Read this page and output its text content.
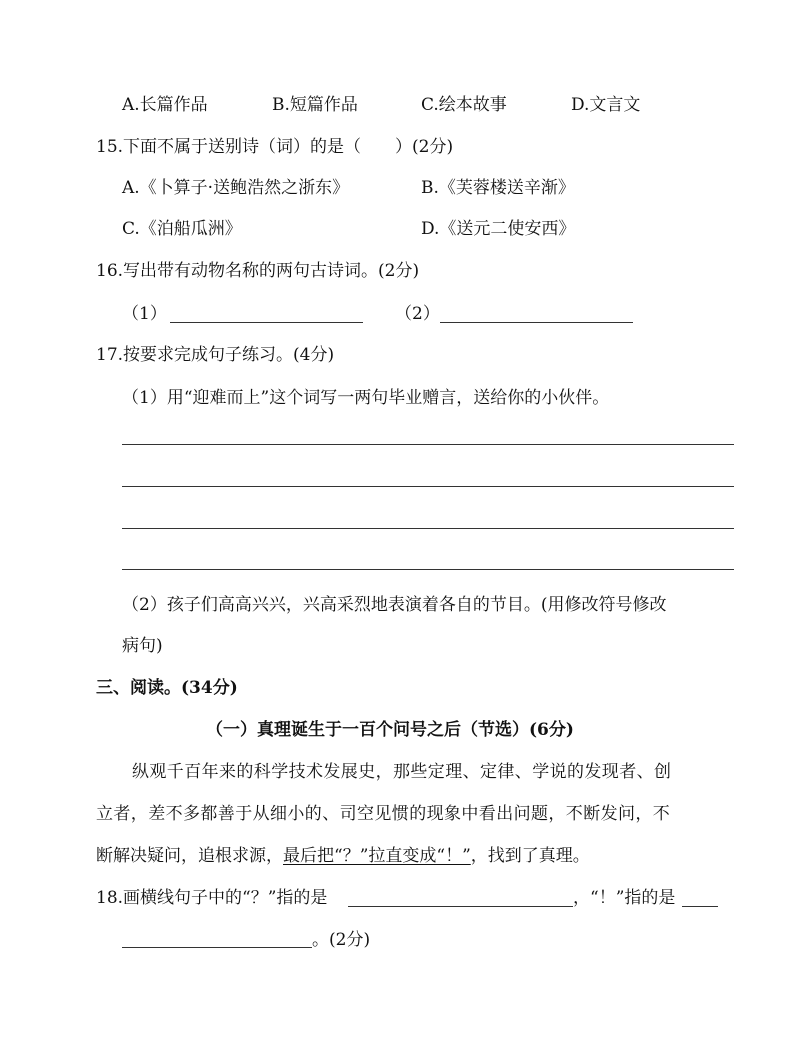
A.长篇作品	B.短篇作品	C.绘本故事	D.文言文
15.下面不属于送别诗（词）的是（　　）(2分)
A.《卜算子·送鲍浩然之浙东》	B.《芙蓉楼送辛渐》
C.《泊船瓜洲》	D.《送元二使安西》
16.写出带有动物名称的两句古诗词。(2分)
（1）	（2）
17.按要求完成句子练习。(4分)
（1）用“迎难而上”这个词写一两句毕业赠言，送给你的小伙伴。
（2）孩子们高高兴兴，兴高采烈地表演着各自的节目。(用修改符号修改
病句)
三、阅读。(34分)
（一）真理诞生于一百个问号之后（节选）(6分)
纵观千百年来的科学技术发展史，那些定理、定律、学说的发现者、创
立者，差不多都善于从细小的、司空见惯的现象中看出问题，不断发问，不
断解决疑问，追根求源，最后把“？”拉直变成“！”，找到了真理。
18.画横线句子中的“？”指的是	， “！”指的是
。(2分)
